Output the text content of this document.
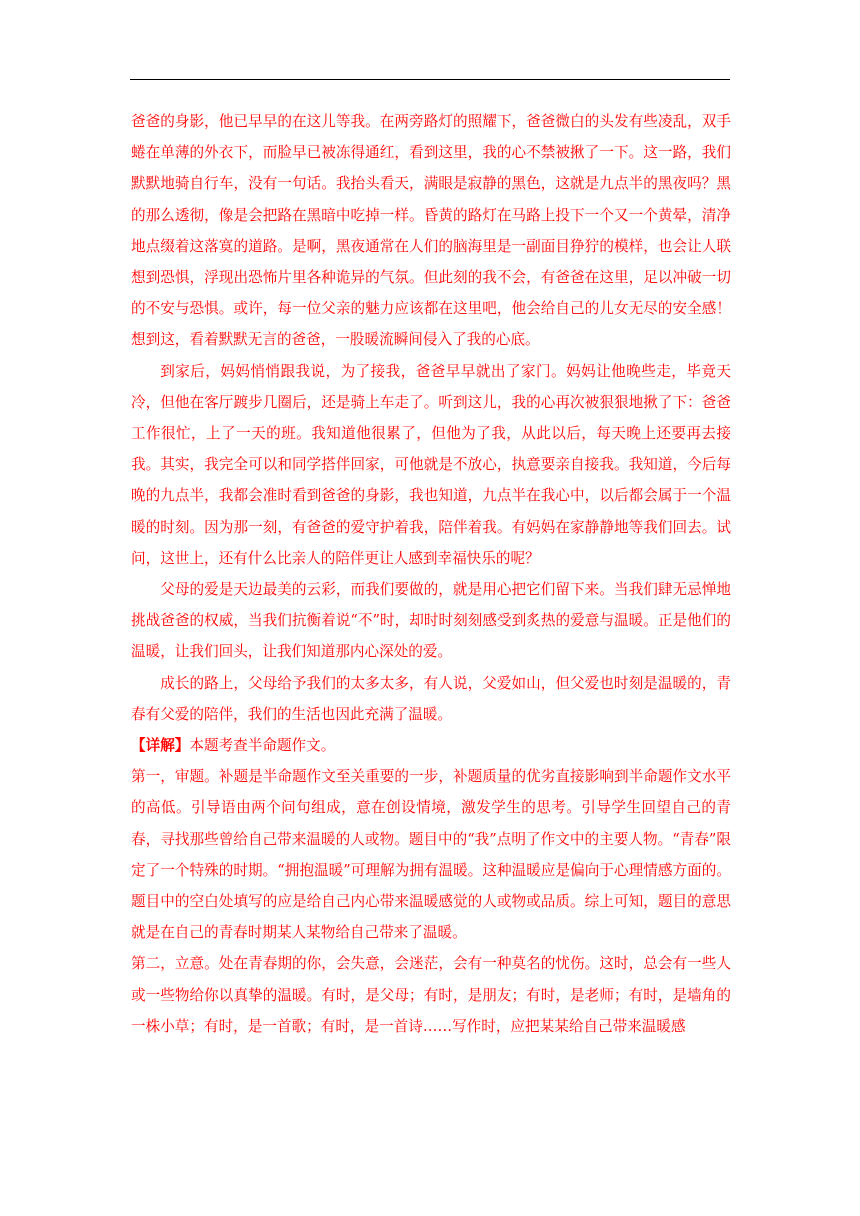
爸爸的身影，他已早早的在这儿等我。在两旁路灯的照耀下，爸爸微白的头发有些凌乱，双手蜷在单薄的外衣下，而脸早已被冻得通红，看到这里，我的心不禁被揪了一下。这一路，我们默默地骑自行车，没有一句话。我抬头看天，满眼是寂静的黑色，这就是九点半的黑夜吗？黑的那么透彻，像是会把路在黑暗中吃掉一样。昏黄的路灯在马路上投下一个又一个黄晕，清净地点缀着这落寞的道路。是啊，黑夜通常在人们的脑海里是一副面目狰狞的模样，也会让人联想到恐惧，浮现出恐怖片里各种诡异的气氛。但此刻的我不会，有爸爸在这里，足以冲破一切的不安与恐惧。或许，每一位父亲的魅力应该都在这里吧，他会给自己的儿女无尽的安全感！想到这，看着默默无言的爸爸，一股暖流瞬间侵入了我的心底。

到家后，妈妈悄悄跟我说，为了接我，爸爸早早就出了家门。妈妈让他晚些走，毕竟天冷，但他在客厅踱步几圈后，还是骑上车走了。听到这儿，我的心再次被狠狠地揪了下：爸爸工作很忙，上了一天的班。我知道他很累了，但他为了我，从此以后，每天晚上还要再去接我。其实，我完全可以和同学搭伴回家，可他就是不放心，执意要亲自接我。我知道，今后每晚的九点半，我都会准时看到爸爸的身影，我也知道，九点半在我心中，以后都会属于一个温暖的时刻。因为那一刻，有爸爸的爱守护着我，陪伴着我。有妈妈在家静静地等我们回去。试问，这世上，还有什么比亲人的陪伴更让人感到幸福快乐的呢？

父母的爱是天边最美的云彩，而我们要做的，就是用心把它们留下来。当我们肆无忌惮地挑战爸爸的权威，当我们抗衡着说“不”时，却时时刻刻感受到炙热的爱意与温暖。正是他们的温暖，让我们回头，让我们知道那内心深处的爱。

成长的路上，父母给予我们的太多太多，有人说，父爱如山，但父爱也时刻是温暖的，青春有父爱的陪伴，我们的生活也因此充满了温暖。

【详解】本题考查半命题作文。

第一，审题。补题是半命题作文至关重要的一步，补题质量的优劣直接影响到半命题作文水平的高低。引导语由两个问句组成，意在创设情境，激发学生的思考。引导学生回望自己的青春，寻找那些曾给自己带来温暖的人或物。题目中的“我”点明了作文中的主要人物。“青春”限定了一个特殊的时期。“拥抱温暖”可理解为拥有温暖。这种温暖应是偏向于心理情感方面的。题目中的空白处填写的应是给自己内心带来温暖感觉的人或物或品质。综上可知，题目的意思就是在自己的青春时期某人某物给自己带来了温暖。

第二，立意。处在青春期的你，会失意，会迷茫，会有一种莫名的忧伤。这时，总会有一些人或一些物给你以真挚的温暖。有时，是父母；有时，是朋友；有时，是老师；有时，是墙角的一株小草；有时，是一首歌；有时，是一首诗……写作时，应把某某给自己带来温暖感
